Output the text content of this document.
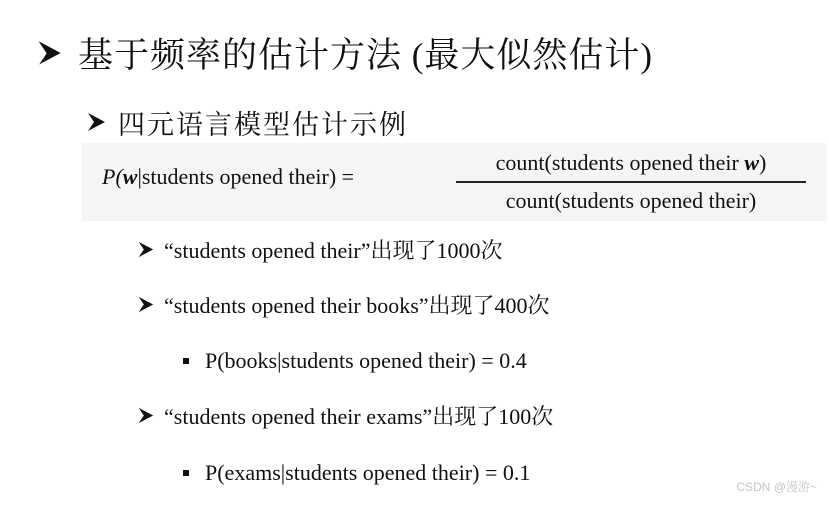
基于频率的估计方法 (最大似然估计)
四元语言模型估计示例
P(w|students opened their) =
count(students opened their w)
count(students opened their)
“students opened their”出现了1000次
“students opened their books”出现了400次
P(books|students opened their) = 0.4
“students opened their exams”出现了100次
P(exams|students opened their) = 0.1
CSDN @漫游~
